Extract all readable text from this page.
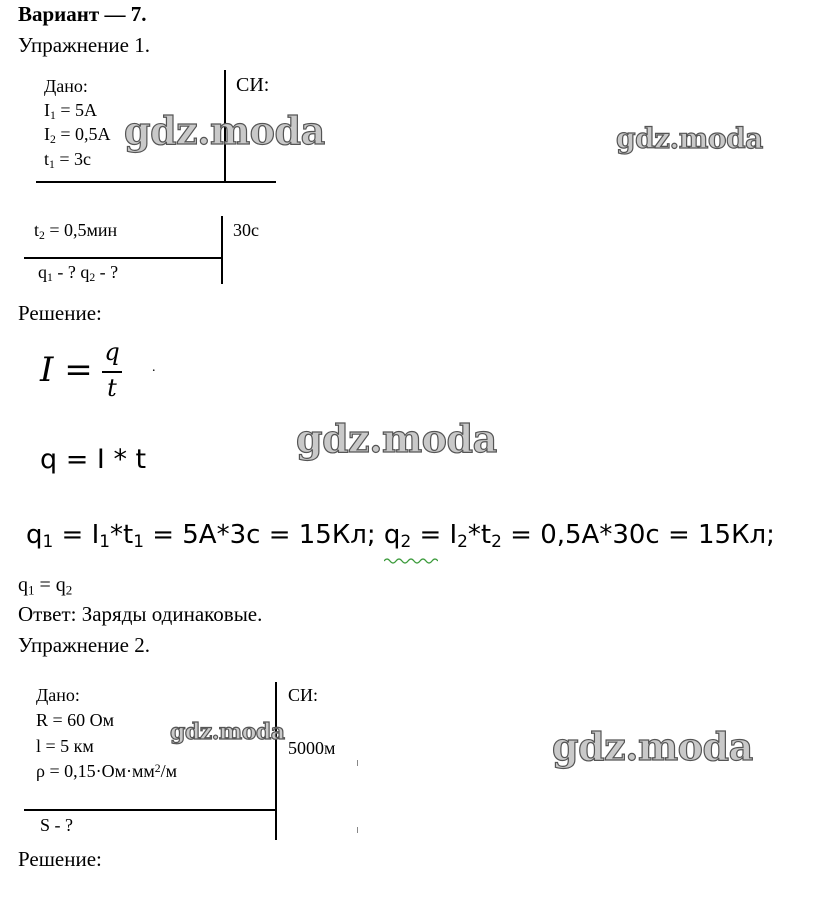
Вариант — 7.
Упражнение 1.
Дано:
$I_1 = 5А$
$I_2 = 0,5А$
$t_1 = 3с$
СИ:
$t_2 = 0,5мин$	30с
$q_1$ - ? $q_2$ - ?
Решение:
I = q
t
.
q = I * t
$q_1 = I_1*t_1 = 5А*3с = 15Кл$; $q_2 = I_2*t_2 = 0,5А*30с = 15Кл$;
$q_1 = q_2$
Ответ: Заряды одинаковые.
Упражнение 2.
Дано:
R = 60 Ом
l = 5 км
$\rho = 0,15\cdot Ом\cdot мм^2/м$
СИ:
5000м
S - ?
Решение:
gdz.moda	gdz.moda
gdz.moda
gdz.moda	gdz.moda
